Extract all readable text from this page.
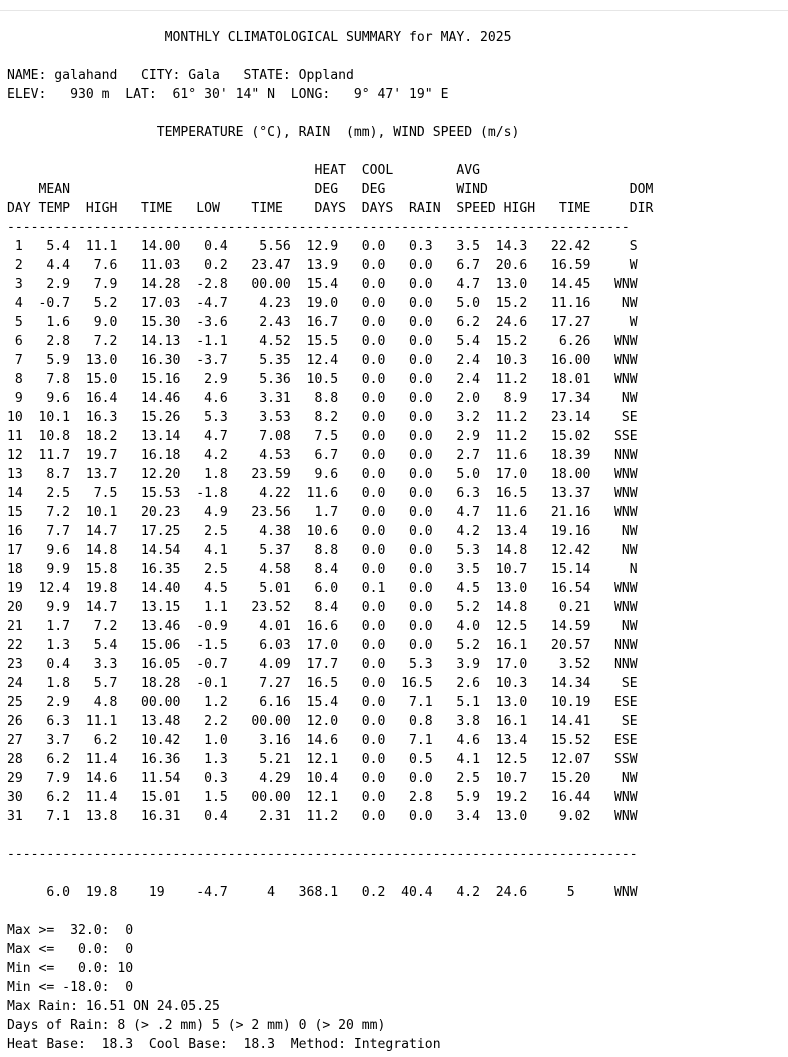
MONTHLY CLIMATOLOGICAL SUMMARY for MAY. 2025

NAME: galahand   CITY: Gala   STATE: Oppland
ELEV:   930 m  LAT:  61° 30' 14" N  LONG:   9° 47' 19" E

TEMPERATURE (°C), RAIN  (mm), WIND SPEED (m/s)

HEAT  COOL        AVG
MEAN                               DEG   DEG         WIND                  DOM
DAY TEMP  HIGH   TIME   LOW    TIME    DAYS  DAYS  RAIN  SPEED HIGH   TIME     DIR
-------------------------------------------------------------------------------
1   5.4  11.1   14.00   0.4    5.56  12.9   0.0   0.3   3.5  14.3   22.42     S
2   4.4   7.6   11.03   0.2   23.47  13.9   0.0   0.0   6.7  20.6   16.59     W
3   2.9   7.9   14.28  -2.8   00.00  15.4   0.0   0.0   4.7  13.0   14.45   WNW
4  -0.7   5.2   17.03  -4.7    4.23  19.0   0.0   0.0   5.0  15.2   11.16    NW
5   1.6   9.0   15.30  -3.6    2.43  16.7   0.0   0.0   6.2  24.6   17.27     W
6   2.8   7.2   14.13  -1.1    4.52  15.5   0.0   0.0   5.4  15.2    6.26   WNW
7   5.9  13.0   16.30  -3.7    5.35  12.4   0.0   0.0   2.4  10.3   16.00   WNW
8   7.8  15.0   15.16   2.9    5.36  10.5   0.0   0.0   2.4  11.2   18.01   WNW
9   9.6  16.4   14.46   4.6    3.31   8.8   0.0   0.0   2.0   8.9   17.34    NW
10  10.1  16.3   15.26   5.3    3.53   8.2   0.0   0.0   3.2  11.2   23.14    SE
11  10.8  18.2   13.14   4.7    7.08   7.5   0.0   0.0   2.9  11.2   15.02   SSE
12  11.7  19.7   16.18   4.2    4.53   6.7   0.0   0.0   2.7  11.6   18.39   NNW
13   8.7  13.7   12.20   1.8   23.59   9.6   0.0   0.0   5.0  17.0   18.00   WNW
14   2.5   7.5   15.53  -1.8    4.22  11.6   0.0   0.0   6.3  16.5   13.37   WNW
15   7.2  10.1   20.23   4.9   23.56   1.7   0.0   0.0   4.7  11.6   21.16   WNW
16   7.7  14.7   17.25   2.5    4.38  10.6   0.0   0.0   4.2  13.4   19.16    NW
17   9.6  14.8   14.54   4.1    5.37   8.8   0.0   0.0   5.3  14.8   12.42    NW
18   9.9  15.8   16.35   2.5    4.58   8.4   0.0   0.0   3.5  10.7   15.14     N
19  12.4  19.8   14.40   4.5    5.01   6.0   0.1   0.0   4.5  13.0   16.54   WNW
20   9.9  14.7   13.15   1.1   23.52   8.4   0.0   0.0   5.2  14.8    0.21   WNW
21   1.7   7.2   13.46  -0.9    4.01  16.6   0.0   0.0   4.0  12.5   14.59    NW
22   1.3   5.4   15.06  -1.5    6.03  17.0   0.0   0.0   5.2  16.1   20.57   NNW
23   0.4   3.3   16.05  -0.7    4.09  17.7   0.0   5.3   3.9  17.0    3.52   NNW
24   1.8   5.7   18.28  -0.1    7.27  16.5   0.0  16.5   2.6  10.3   14.34    SE
25   2.9   4.8   00.00   1.2    6.16  15.4   0.0   7.1   5.1  13.0   10.19   ESE
26   6.3  11.1   13.48   2.2   00.00  12.0   0.0   0.8   3.8  16.1   14.41    SE
27   3.7   6.2   10.42   1.0    3.16  14.6   0.0   7.1   4.6  13.4   15.52   ESE
28   6.2  11.4   16.36   1.3    5.21  12.1   0.0   0.5   4.1  12.5   12.07   SSW
29   7.9  14.6   11.54   0.3    4.29  10.4   0.0   0.0   2.5  10.7   15.20    NW
30   6.2  11.4   15.01   1.5   00.00  12.1   0.0   2.8   5.9  19.2   16.44   WNW
31   7.1  13.8   16.31   0.4    2.31  11.2   0.0   0.0   3.4  13.0    9.02   WNW

--------------------------------------------------------------------------------

6.0  19.8    19    -4.7     4   368.1   0.2  40.4   4.2  24.6     5     WNW

Max >=  32.0:  0
Max <=   0.0:  0
Min <=   0.0: 10
Min <= -18.0:  0
Max Rain: 16.51 ON 24.05.25
Days of Rain: 8 (> .2 mm) 5 (> 2 mm) 0 (> 20 mm)
Heat Base:  18.3  Cool Base:  18.3  Method: Integration
